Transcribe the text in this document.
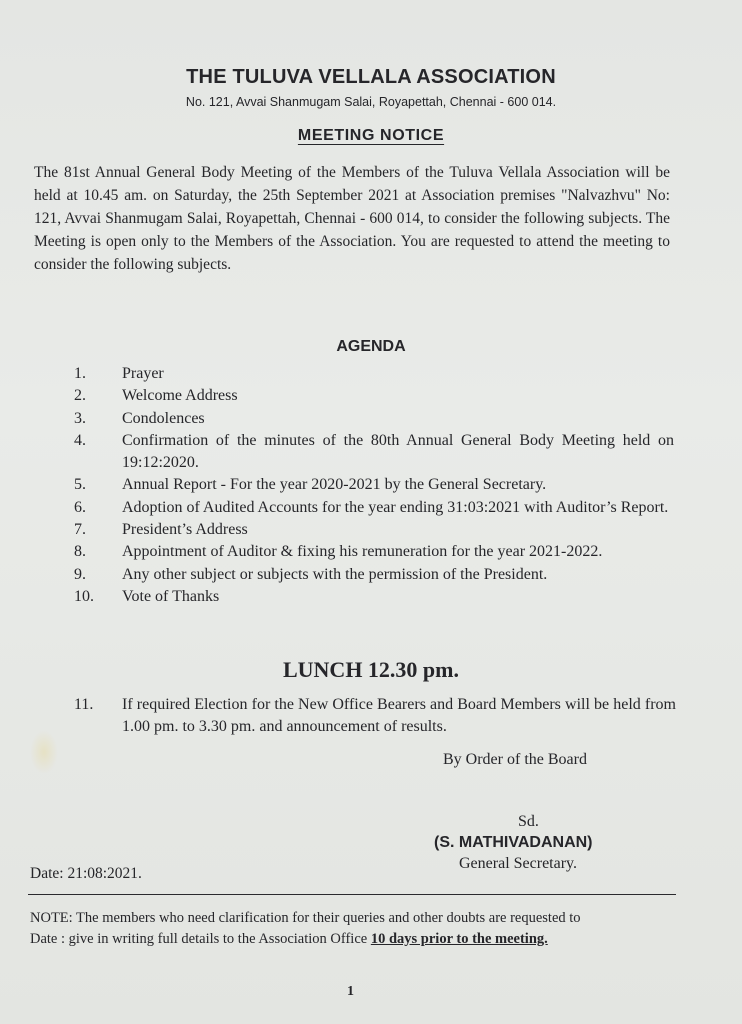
THE TULUVA VELLALA ASSOCIATION
No. 121, Avvai Shanmugam Salai, Royapettah, Chennai - 600 014.
MEETING NOTICE
The 81st Annual General Body Meeting of the Members of the Tuluva Vellala Association will be held at 10.45 am. on Saturday, the 25th September 2021 at Association premises "Nalvazhvu" No: 121, Avvai Shanmugam Salai, Royapettah, Chennai - 600 014, to consider the following subjects. The Meeting is open only to the Members of the Association. You are requested to attend the meeting to consider the following subjects.
AGENDA
1.	Prayer
2.	Welcome Address
3.	Condolences
4.	Confirmation of the minutes of the 80th Annual General Body Meeting held on 19:12:2020.
5.	Annual Report - For the year 2020-2021 by the General Secretary.
6.	Adoption of Audited Accounts for the year ending 31:03:2021 with Auditor’s Report.
7.	President’s Address
8.	Appointment of Auditor & fixing his remuneration for the year 2021-2022.
9.	Any other subject or subjects with the permission of the President.
10.	Vote of Thanks
LUNCH 12.30 pm.
11.	If required Election for the New Office Bearers and Board Members will be held from 1.00 pm. to 3.30 pm. and announcement of results.
By Order of the Board
Sd.
(S. MATHIVADANAN)
General Secretary.
Date: 21:08:2021.
NOTE: The members who need clarification for their queries and other doubts are requested to
Date : give in writing full details to the Association Office 10 days prior to the meeting.
1
